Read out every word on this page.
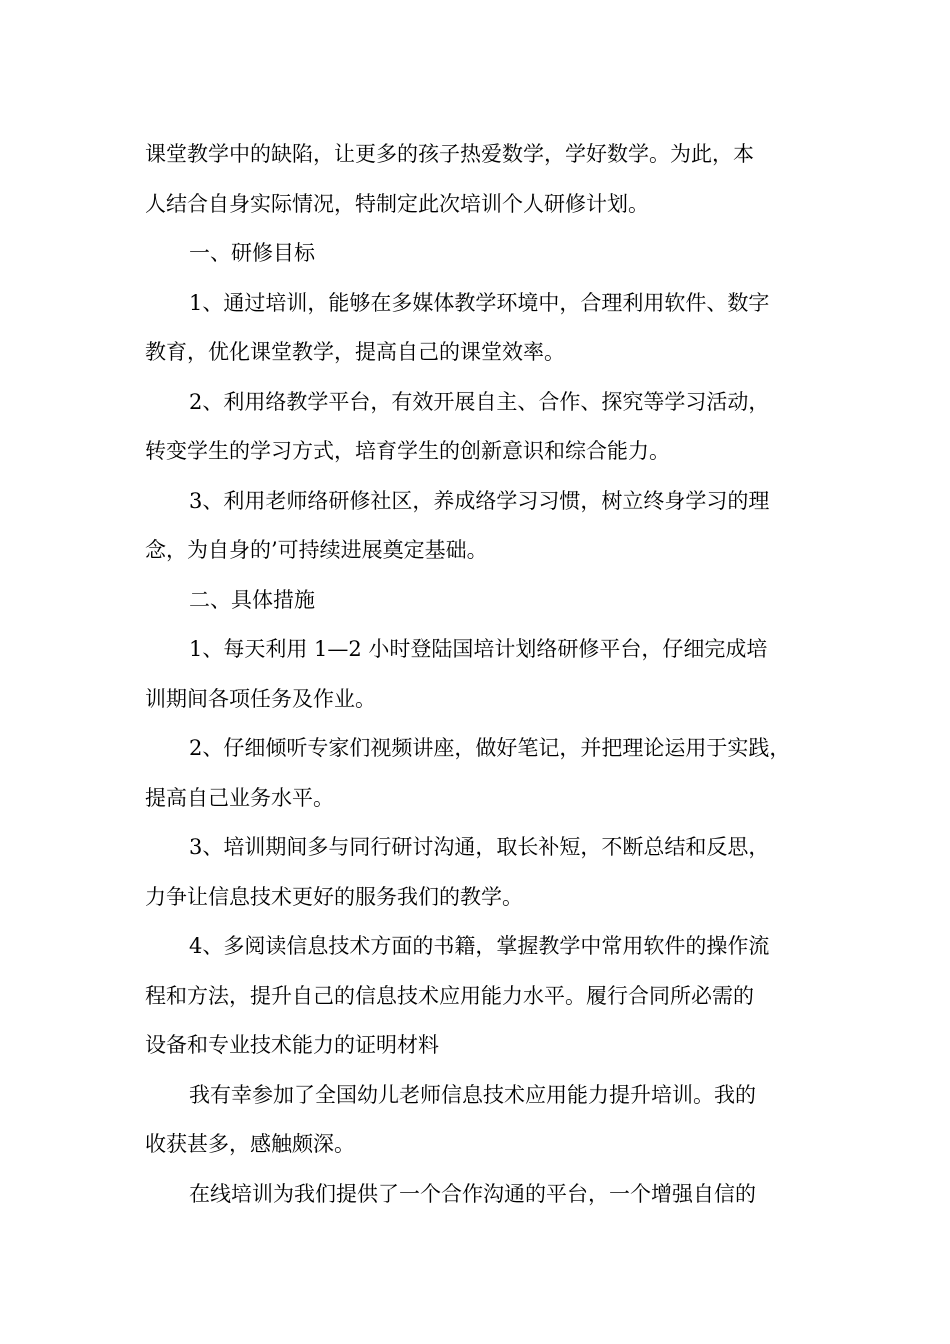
课堂教学中的缺陷，让更多的孩子热爱数学，学好数学。为此，本
人结合自身实际情况，特制定此次培训个人研修计划。
一、研修目标
1、通过培训，能够在多媒体教学环境中，合理利用软件、数字
教育，优化课堂教学，提高自己的课堂效率。
2、利用络教学平台，有效开展自主、合作、探究等学习活动，
转变学生的学习方式，培育学生的创新意识和综合能力。
3、利用老师络研修社区，养成络学习习惯，树立终身学习的理
念，为自身的’可持续进展奠定基础。
二、具体措施
1、每天利用 1—2 小时登陆国培计划络研修平台，仔细完成培
训期间各项任务及作业。
2、仔细倾听专家们视频讲座，做好笔记，并把理论运用于实践，
提高自己业务水平。
3、培训期间多与同行研讨沟通，取长补短，不断总结和反思，
力争让信息技术更好的服务我们的教学。
4、多阅读信息技术方面的书籍，掌握教学中常用软件的操作流
程和方法，提升自己的信息技术应用能力水平。履行合同所必需的
设备和专业技术能力的证明材料
我有幸参加了全国幼儿老师信息技术应用能力提升培训。我的
收获甚多，感触颇深。
在线培训为我们提供了一个合作沟通的平台，一个增强自信的
